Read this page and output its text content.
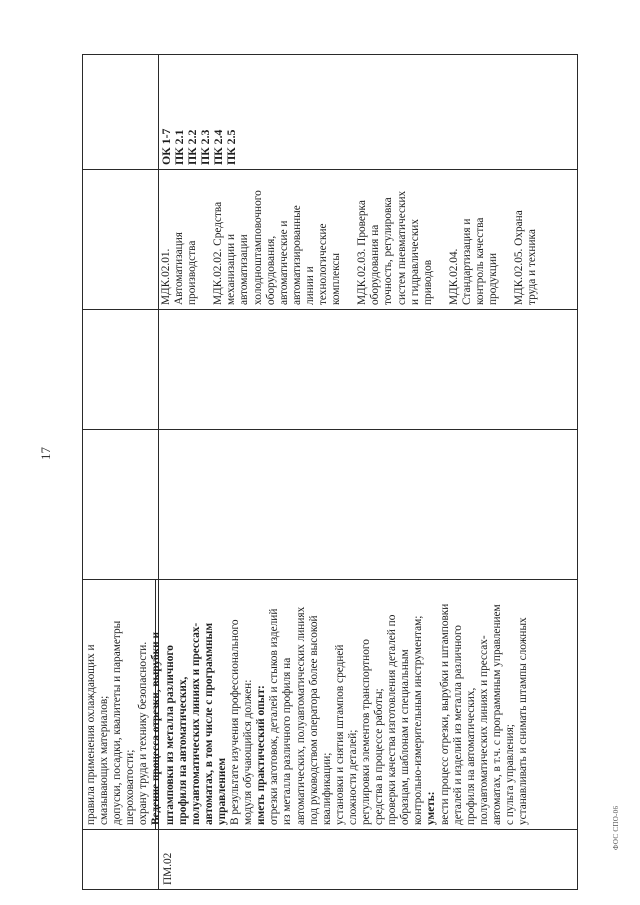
17
ФОС СПО-06
ПМ.02

правила применения охлаждающих и смазывающих материалов; допуски, посадки, квалитеты и параметры шероховатости; охрану труда и технику безопасности. Ведение процесса отрезки, вырубки и штамповки из металла различного профиля на автоматических, полуавтоматических линиях и прессах- автоматах, в том числе с программным управлением В результате изучения профессионального модуля обучающийся должен: иметь практический опыт: отрезки заготовок, деталей и стыков изделий из металла различного профиля на автоматических, полуавтоматических линиях под руководством оператора более высокой квалификации; установки и снятия штампов средней сложности деталей; регулировки элементов транспортного средства в процессе работы; проверки качества изготовления деталей по образцам, шаблонам и специальным контрольно-измерительным инструментам; уметь: вести процесс отрезки, вырубки и штамповки деталей и изделий из металла различного профиля на автоматических, полуавтоматических линиях и прессах- автоматах, в т.ч. с программным управлением с пульта управления; устанавливать и снимать штампы сложных

МДК.02.01. Автоматизация производства МДК.02.02. Средства механизации и автоматизации холодноштамповочного оборудования, автоматические и автоматизированные линии и технологические комплексы МДК.02.03. Проверка оборудования на точность, регулировка систем пневматических и гидравлических приводов МДК.02.04. Стандартизация и контроль качества продукции МДК.02.05. Охрана труда и техника

ОК 1-7 ПК 2.1 ПК 2.2 ПК 2.3 ПК 2.4 ПК 2.5
